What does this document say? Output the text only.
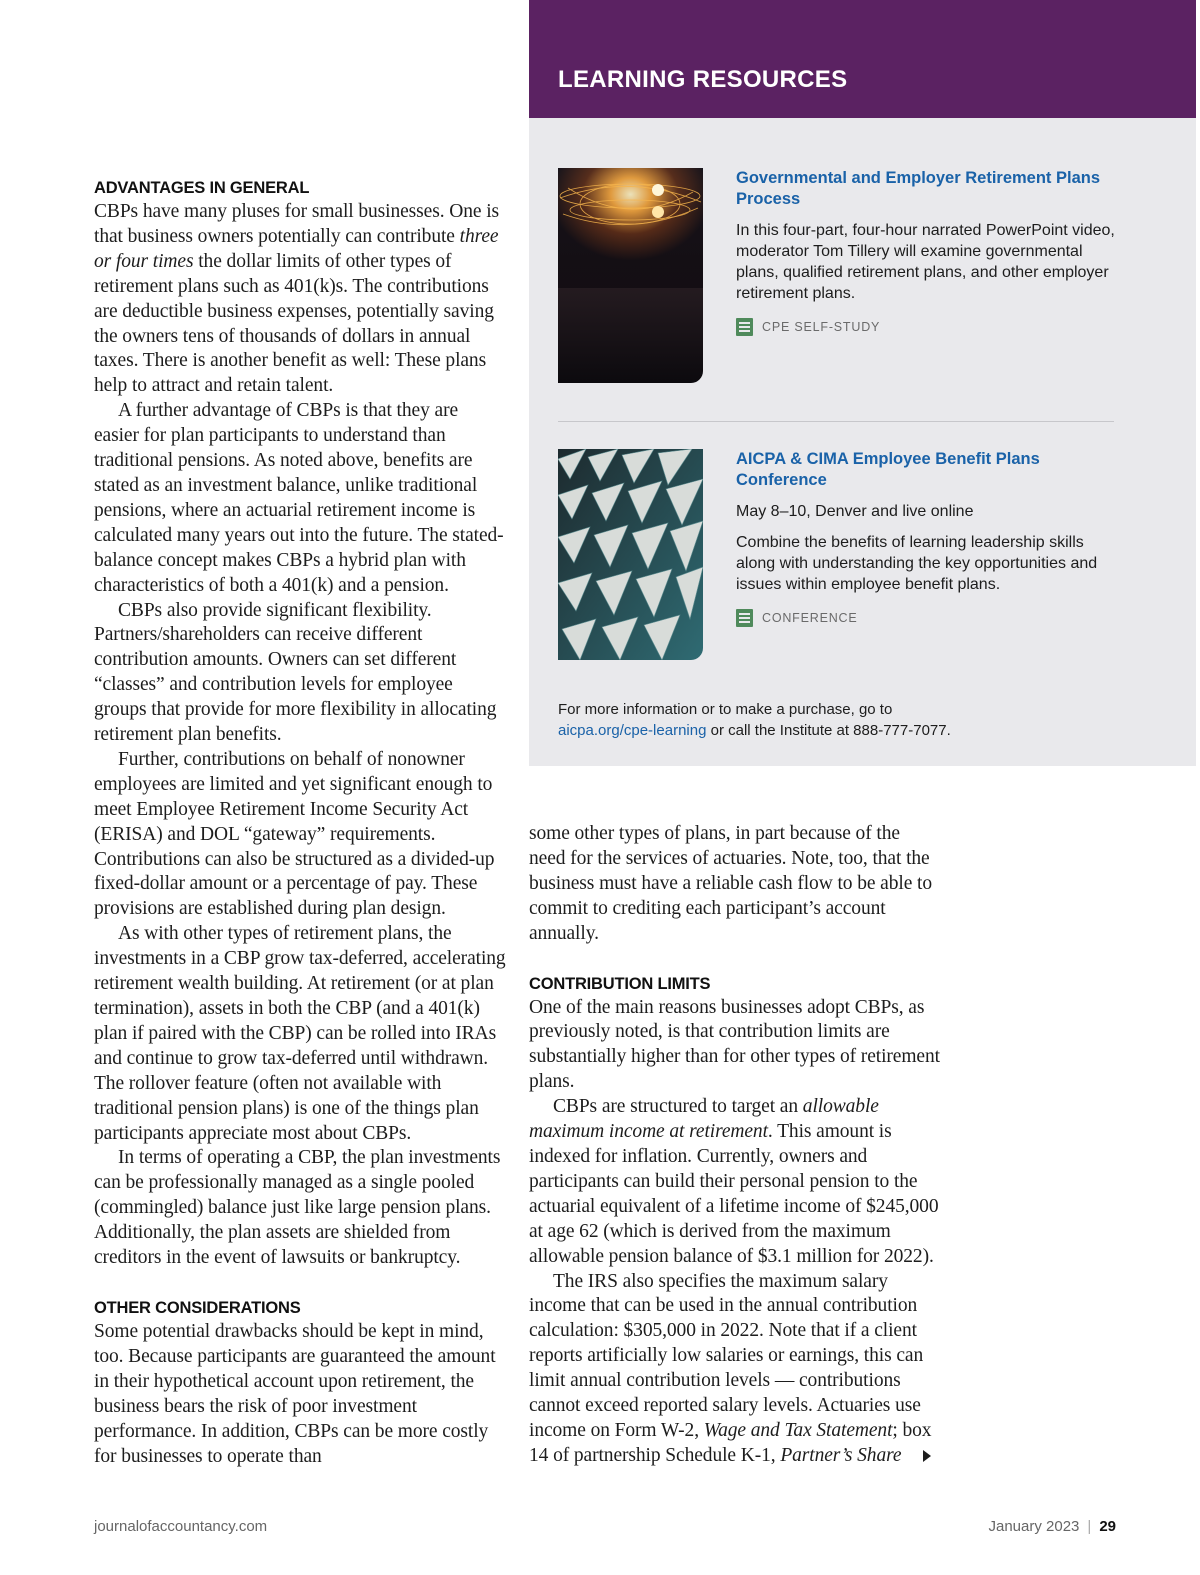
ADVANTAGES IN GENERAL

CBPs have many pluses for small businesses. One is that business owners potentially can contribute three or four times the dollar limits of other types of retirement plans such as 401(k)s. The contributions are deductible business expenses, potentially saving the owners tens of thousands of dollars in annual taxes. There is another benefit as well: These plans help to attract and retain talent.

A further advantage of CBPs is that they are easier for plan participants to understand than traditional pensions. As noted above, benefits are stated as an investment balance, unlike traditional pensions, where an actuarial retirement income is calculated many years out into the future. The stated-balance concept makes CBPs a hybrid plan with characteristics of both a 401(k) and a pension.

CBPs also provide significant flexibility. Partners/shareholders can receive different contribution amounts. Owners can set different “classes” and contribution levels for employee groups that provide for more flexibility in allocating retirement plan benefits.

Further, contributions on behalf of nonowner employees are limited and yet significant enough to meet Employee Retirement Income Security Act (ERISA) and DOL “gateway” requirements. Contributions can also be structured as a divided-up fixed-dollar amount or a percentage of pay. These provisions are established during plan design.

As with other types of retirement plans, the investments in a CBP grow tax-deferred, accelerating retirement wealth building. At retirement (or at plan termination), assets in both the CBP (and a 401(k) plan if paired with the CBP) can be rolled into IRAs and continue to grow tax-deferred until withdrawn. The rollover feature (often not available with traditional pension plans) is one of the things plan participants appreciate most about CBPs.

In terms of operating a CBP, the plan investments can be professionally managed as a single pooled (commingled) balance just like large pension plans. Additionally, the plan assets are shielded from creditors in the event of lawsuits or bankruptcy.

OTHER CONSIDERATIONS

Some potential drawbacks should be kept in mind, too. Because participants are guaranteed the amount in their hypothetical account upon retirement, the business bears the risk of poor investment performance. In addition, CBPs can be more costly for businesses to operate than

LEARNING RESOURCES

Governmental and Employer Retirement Plans Process

In this four-part, four-hour narrated PowerPoint video, moderator Tom Tillery will examine governmental plans, qualified retirement plans, and other employer retirement plans.

CPE SELF-STUDY

AICPA & CIMA Employee Benefit Plans Conference

May 8–10, Denver and live online

Combine the benefits of learning leadership skills along with understanding the key opportunities and issues within employee benefit plans.

CONFERENCE
For more information or to make a purchase, go to
aicpa.org/cpe-learning or call the Institute at 888-777-7077.

some other types of plans, in part because of the need for the services of actuaries. Note, too, that the business must have a reliable cash flow to be able to commit to crediting each participant’s account annually.

CONTRIBUTION LIMITS

One of the main reasons businesses adopt CBPs, as previously noted, is that contribution limits are substantially higher than for other types of retirement plans.

CBPs are structured to target an allowable maximum income at retirement. This amount is indexed for inflation. Currently, owners and participants can build their personal pension to the actuarial equivalent of a lifetime income of $245,000 at age 62 (which is derived from the maximum allowable pension balance of $3.1 million for 2022).

The IRS also specifies the maximum salary income that can be used in the annual contribution calculation: $305,000 in 2022. Note that if a client reports artificially low salaries or earnings, this can limit annual contribution levels — contributions cannot exceed reported salary levels. Actuaries use income on Form W-2, Wage and Tax Statement; box 14 of partnership Schedule K-1, Partner’s Share

journalofaccountancy.com	January 2023 | 29
